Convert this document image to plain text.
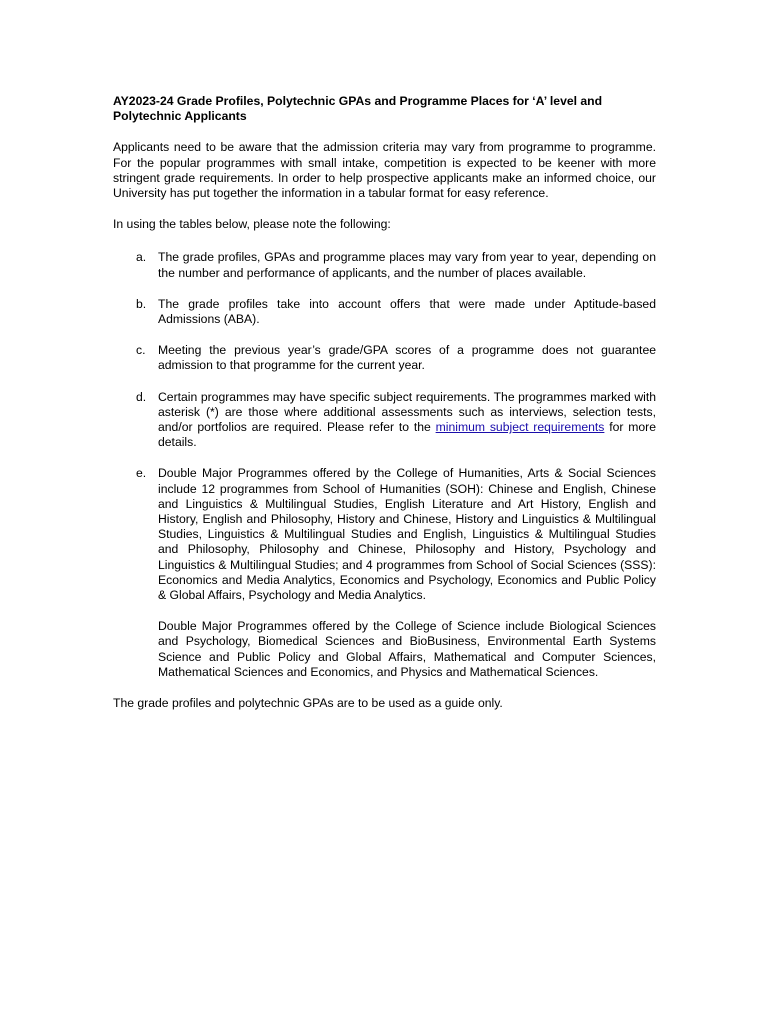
AY2023-24 Grade Profiles, Polytechnic GPAs and Programme Places for ‘A’ level and Polytechnic Applicants

Applicants need to be aware that the admission criteria may vary from programme to programme. For the popular programmes with small intake, competition is expected to be keener with more stringent grade requirements. In order to help prospective applicants make an informed choice, our University has put together the information in a tabular format for easy reference.

In using the tables below, please note the following:

a. The grade profiles, GPAs and programme places may vary from year to year, depending on the number and performance of applicants, and the number of places available.

b. The grade profiles take into account offers that were made under Aptitude-based Admissions (ABA).

c. Meeting the previous year’s grade/GPA scores of a programme does not guarantee admission to that programme for the current year.

d. Certain programmes may have specific subject requirements. The programmes marked with asterisk (*) are those where additional assessments such as interviews, selection tests, and/or portfolios are required. Please refer to the minimum subject requirements for more details.

e. Double Major Programmes offered by the College of Humanities, Arts & Social Sciences include 12 programmes from School of Humanities (SOH): Chinese and English, Chinese and Linguistics & Multilingual Studies, English Literature and Art History, English and History, English and Philosophy, History and Chinese, History and Linguistics & Multilingual Studies, Linguistics & Multilingual Studies and English, Linguistics & Multilingual Studies and Philosophy, Philosophy and Chinese, Philosophy and History, Psychology and Linguistics & Multilingual Studies; and 4 programmes from School of Social Sciences (SSS): Economics and Media Analytics, Economics and Psychology, Economics and Public Policy & Global Affairs, Psychology and Media Analytics.

Double Major Programmes offered by the College of Science include Biological Sciences and Psychology, Biomedical Sciences and BioBusiness, Environmental Earth Systems Science and Public Policy and Global Affairs, Mathematical and Computer Sciences, Mathematical Sciences and Economics, and Physics and Mathematical Sciences.

The grade profiles and polytechnic GPAs are to be used as a guide only.
